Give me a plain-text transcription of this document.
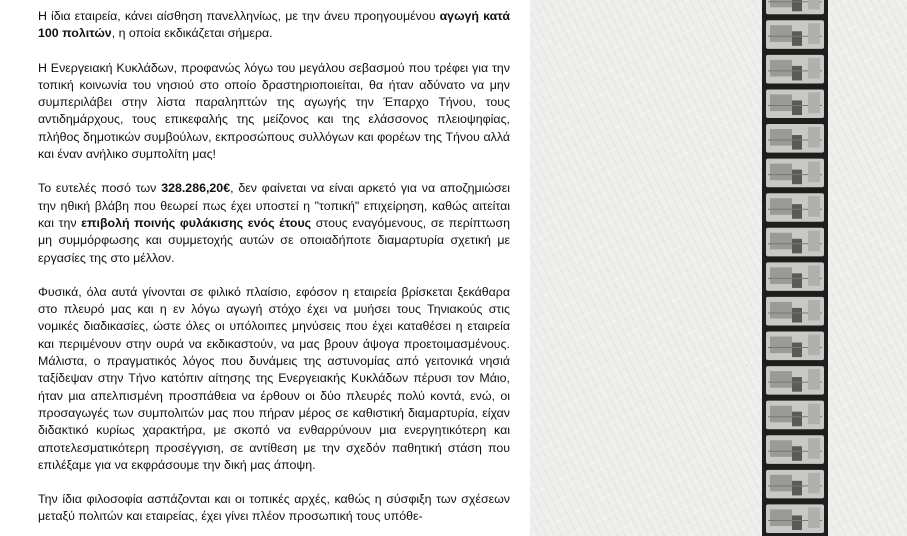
Η ίδια εταιρεία, κάνει αίσθηση πανελληνίως, με την άνευ προηγουμένου αγωγή κατά 100 πολιτών, η οποία εκδικάζεται σήμερα.

Η Ενεργειακή Κυκλάδων, προφανώς λόγω του μεγάλου σεβασμού που τρέφει για την τοπική κοινωνία του νησιού στο οποίο δραστηριοποιείται, θα ήταν αδύνατο να μην συμπεριλάβει στην λίστα παραληπτών της αγωγής την Έπαρχο Τήνου, τους αντιδημάρχους, τους επικεφαλής της μείζονος και της ελάσσονος πλειοψηφίας, πλήθος δημοτικών συμβούλων, εκπροσώπους συλλόγων και φορέων της Τήνου αλλά και έναν ανήλικο συμπολίτη μας!

Το ευτελές ποσό των 328.286,20€, δεν φαίνεται να είναι αρκετό για να αποζημιώσει την ηθική βλάβη που θεωρεί πως έχει υποστεί η "τοπική" επιχείρηση, καθώς αιτείται και την επιβολή ποινής φυλάκισης ενός έτους στους εναγόμενους, σε περίπτωση μη συμμόρφωσης και συμμετοχής αυτών σε οποιαδήποτε διαμαρτυρία σχετική με εργασίες της στο μέλλον.

Φυσικά, όλα αυτά γίνονται σε φιλικό πλαίσιο, εφόσον η εταιρεία βρίσκεται ξεκάθαρα στο πλευρό μας και η εν λόγω αγωγή στόχο έχει να μυήσει τους Τηνιακούς στις νομικές διαδικασίες, ώστε όλες οι υπόλοιπες μηνύσεις που έχει καταθέσει η εταιρεία και περιμένουν στην ουρά να εκδικαστούν, να μας βρουν άψογα προετοιμασμένους. Μάλιστα, ο πραγματικός λόγος που δυνάμεις της αστυνομίας από γειτονικά νησιά ταξίδεψαν στην Τήνο κατόπιν αίτησης της Ενεργειακής Κυκλάδων πέρυσι τον Μάιο, ήταν μια απελπισμένη προσπάθεια να έρθουν οι δύο πλευρές πολύ κοντά, ενώ, οι προσαγωγές των συμπολιτών μας που πήραν μέρος σε καθιστική διαμαρτυρία, είχαν διδακτικό κυρίως χαρακτήρα, με σκοπό να ενθαρρύνουν μια ενεργητικότερη και αποτελεσματικότερη προσέγγιση, σε αντίθεση με την σχεδόν παθητική στάση που επιλέξαμε για να εκφράσουμε την δική μας άποψη.

Την ίδια φιλοσοφία ασπάζονται και οι τοπικές αρχές, καθώς η σύσφιξη των σχέσεων μεταξύ πολιτών και εταιρείας, έχει γίνει πλέον προσωπική τους υπόθε-

·
·
